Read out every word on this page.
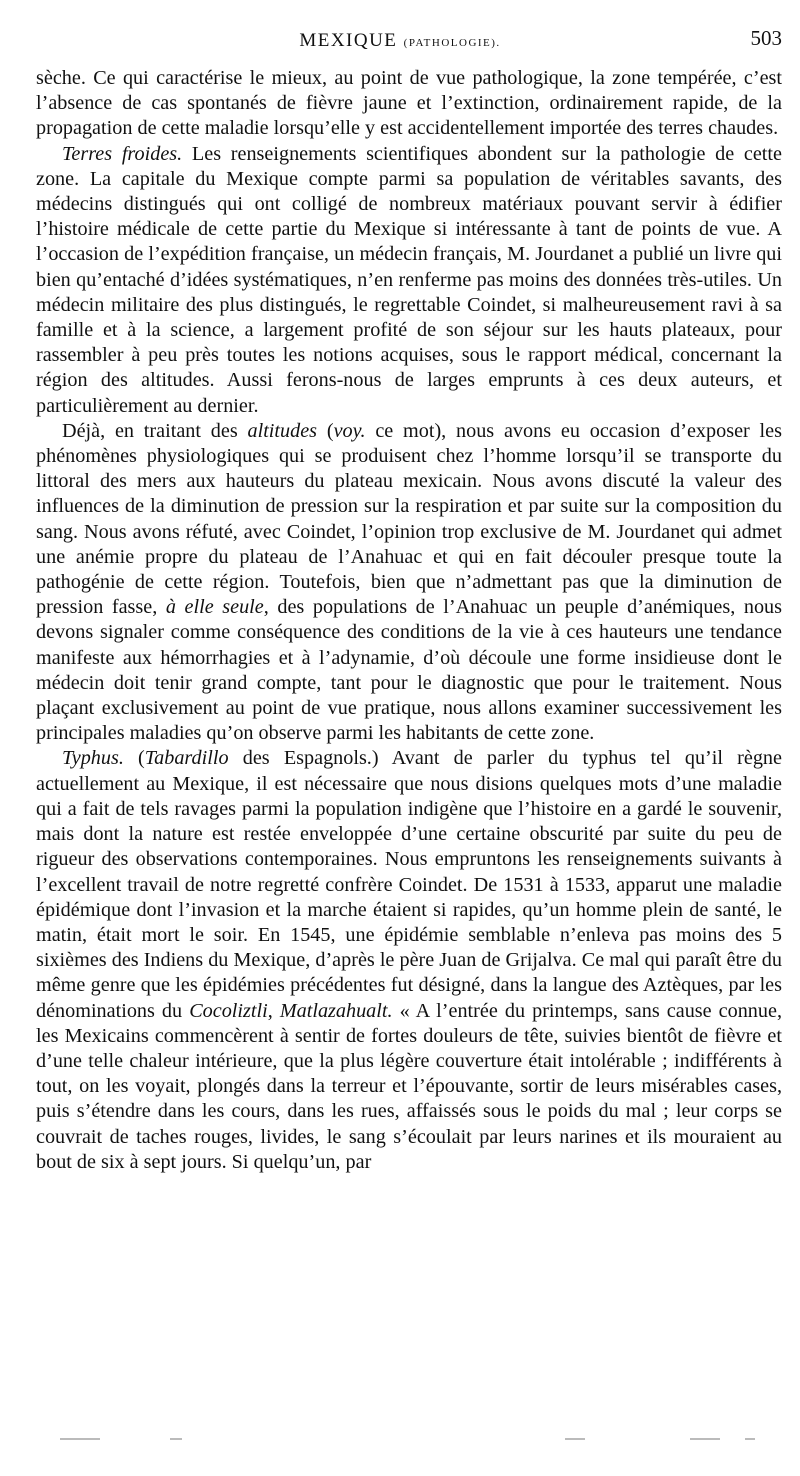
MEXIQUE (PATHOLOGIE).	503

sèche. Ce qui caractérise le mieux, au point de vue pathologique, la zone tempérée, c’est l’absence de cas spontanés de fièvre jaune et l’extinction, ordinairement rapide, de la propagation de cette maladie lorsqu’elle y est accidentellement importée des terres chaudes.

Terres froides. Les renseignements scientifiques abondent sur la pathologie de cette zone. La capitale du Mexique compte parmi sa population de véritables savants, des médecins distingués qui ont colligé de nombreux matériaux pouvant servir à édifier l’histoire médicale de cette partie du Mexique si intéressante à tant de points de vue. A l’occasion de l’expédition française, un médecin français, M. Jourdanet a publié un livre qui bien qu’entaché d’idées systématiques, n’en renferme pas moins des données très-utiles. Un médecin militaire des plus distingués, le regrettable Coindet, si malheureusement ravi à sa famille et à la science, a largement profité de son séjour sur les hauts plateaux, pour rassembler à peu près toutes les notions acquises, sous le rapport médical, concernant la région des altitudes. Aussi ferons-nous de larges emprunts à ces deux auteurs, et particulièrement au dernier.

Déjà, en traitant des altitudes (voy. ce mot), nous avons eu occasion d’exposer les phénomènes physiologiques qui se produisent chez l’homme lorsqu’il se transporte du littoral des mers aux hauteurs du plateau mexicain. Nous avons discuté la valeur des influences de la diminution de pression sur la respiration et par suite sur la composition du sang. Nous avons réfuté, avec Coindet, l’opinion trop exclusive de M. Jourdanet qui admet une anémie propre du plateau de l’Anahuac et qui en fait découler presque toute la pathogénie de cette région. Toutefois, bien que n’admettant pas que la diminution de pression fasse, à elle seule, des populations de l’Anahuac un peuple d’anémiques, nous devons signaler comme conséquence des conditions de la vie à ces hauteurs une tendance manifeste aux hémorrhagies et à l’adynamie, d’où découle une forme insidieuse dont le médecin doit tenir grand compte, tant pour le diagnostic que pour le traitement. Nous plaçant exclusivement au point de vue pratique, nous allons examiner successivement les principales maladies qu’on observe parmi les habitants de cette zone.

Typhus. (Tabardillo des Espagnols.) Avant de parler du typhus tel qu’il règne actuellement au Mexique, il est nécessaire que nous disions quelques mots d’une maladie qui a fait de tels ravages parmi la population indigène que l’histoire en a gardé le souvenir, mais dont la nature est restée enveloppée d’une certaine obscurité par suite du peu de rigueur des observations contemporaines. Nous empruntons les renseignements suivants à l’excellent travail de notre regretté confrère Coindet. De 1531 à 1533, apparut une maladie épidémique dont l’invasion et la marche étaient si rapides, qu’un homme plein de santé, le matin, était mort le soir. En 1545, une épidémie semblable n’enleva pas moins des 5 sixièmes des Indiens du Mexique, d’après le père Juan de Grijalva. Ce mal qui paraît être du même genre que les épidémies précédentes fut désigné, dans la langue des Aztèques, par les dénominations du Cocoliztli, Matlazahualt. « A l’entrée du printemps, sans cause connue, les Mexicains commencèrent à sentir de fortes douleurs de tête, suivies bientôt de fièvre et d’une telle chaleur intérieure, que la plus légère couverture était intolérable ; indifférents à tout, on les voyait, plongés dans la terreur et l’épouvante, sortir de leurs misérables cases, puis s’étendre dans les cours, dans les rues, affaissés sous le poids du mal ; leur corps se couvrait de taches rouges, livides, le sang s’écoulait par leurs narines et ils mouraient au bout de six à sept jours. Si quelqu’un, par
